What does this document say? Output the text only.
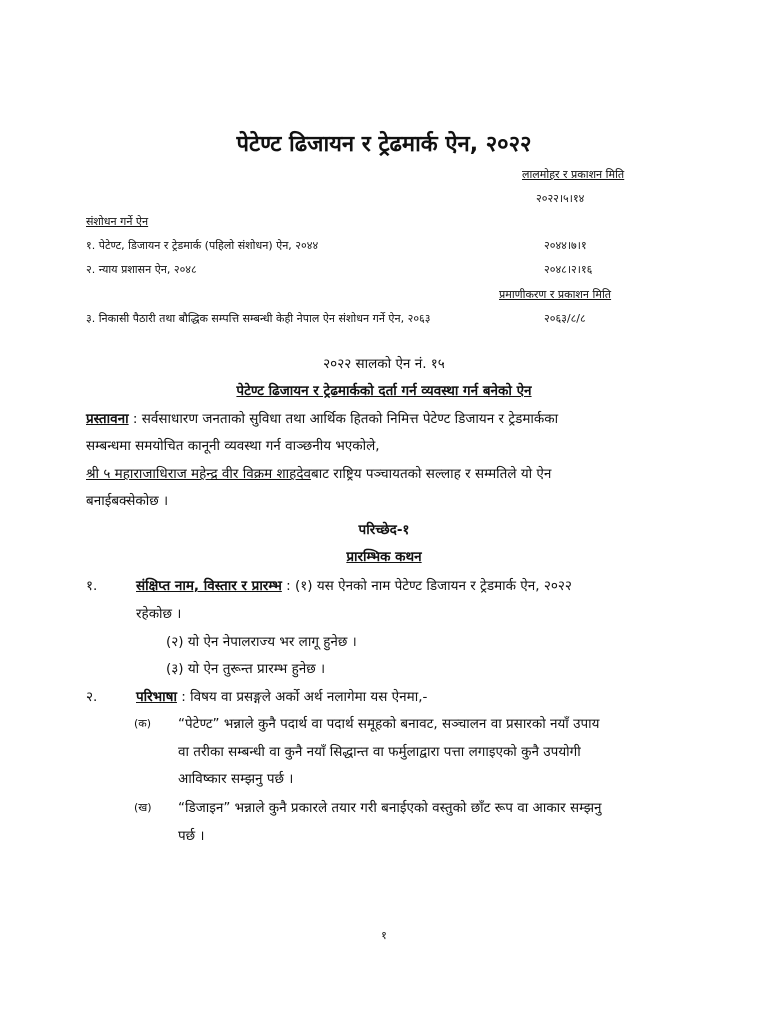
पेटेण्ट ढिजायन र ट्रेढमार्क ऐन, २०२२
लालमोहर र प्रकाशन मिति
२०२२।५।१४
संशोधन गर्ने ऐन
१. पेटेण्ट, डिजायन र ट्रेडमार्क (पहिलो संशोधन) ऐन, २०४४	२०४४।७।१
२. न्याय प्रशासन ऐन, २०४८	२०४८।२।१६
प्रमाणीकरण र प्रकाशन मिति
३. निकासी पैठारी तथा बौद्धिक सम्पत्ति सम्बन्धी केही नेपाल ऐन संशोधन गर्ने ऐन, २०६३	२०६३/८/८
२०२२ सालको ऐन नं. १५
पेटेण्ट ढिजायन र ट्रेढमार्कको दर्ता गर्न व्यवस्था गर्न बनेको ऐन
प्रस्तावना : सर्वसाधारण जनताको सुविधा तथा आर्थिक हितको निमित्त पेटेण्ट डिजायन र ट्रेडमार्कका
सम्बन्धमा समयोचित कानूनी व्यवस्था गर्न वाञ्छनीय भएकोले,
श्री ५ महाराजाधिराज महेन्द्र वीर विक्रम शाहदेवबाट राष्ट्रिय पञ्चायतको सल्लाह र सम्मतिले यो ऐन
बनाईबक्सेकोछ ।
परिच्छेद-१
प्रारम्भिक कथन
१.	संक्षिप्त नाम, विस्तार र प्रारम्भ : (१) यस ऐनको नाम पेटेण्ट डिजायन र ट्रेडमार्क ऐन, २०२२
रहेकोछ ।
(२) यो ऐन नेपालराज्य भर लागू हुनेछ ।
(३) यो ऐन तुरून्त प्रारम्भ हुनेछ ।
२.	परिभाषा : विषय वा प्रसङ्गले अर्को अर्थ नलागेमा यस ऐनमा,-
(क) “पेटेण्ट” भन्नाले कुनै पदार्थ वा पदार्थ समूहको बनावट, सञ्चालन वा प्रसारको नयाँ उपाय
वा तरीका सम्बन्धी वा कुनै नयाँ सिद्धान्त वा फर्मुलाद्वारा पत्ता लगाइएको कुनै उपयोगी
आविष्कार सम्झनु पर्छ ।
(ख) “डिजाइन” भन्नाले कुनै प्रकारले तयार गरी बनाईएको वस्तुको छाँट रूप वा आकार सम्झनु
पर्छ ।
१
